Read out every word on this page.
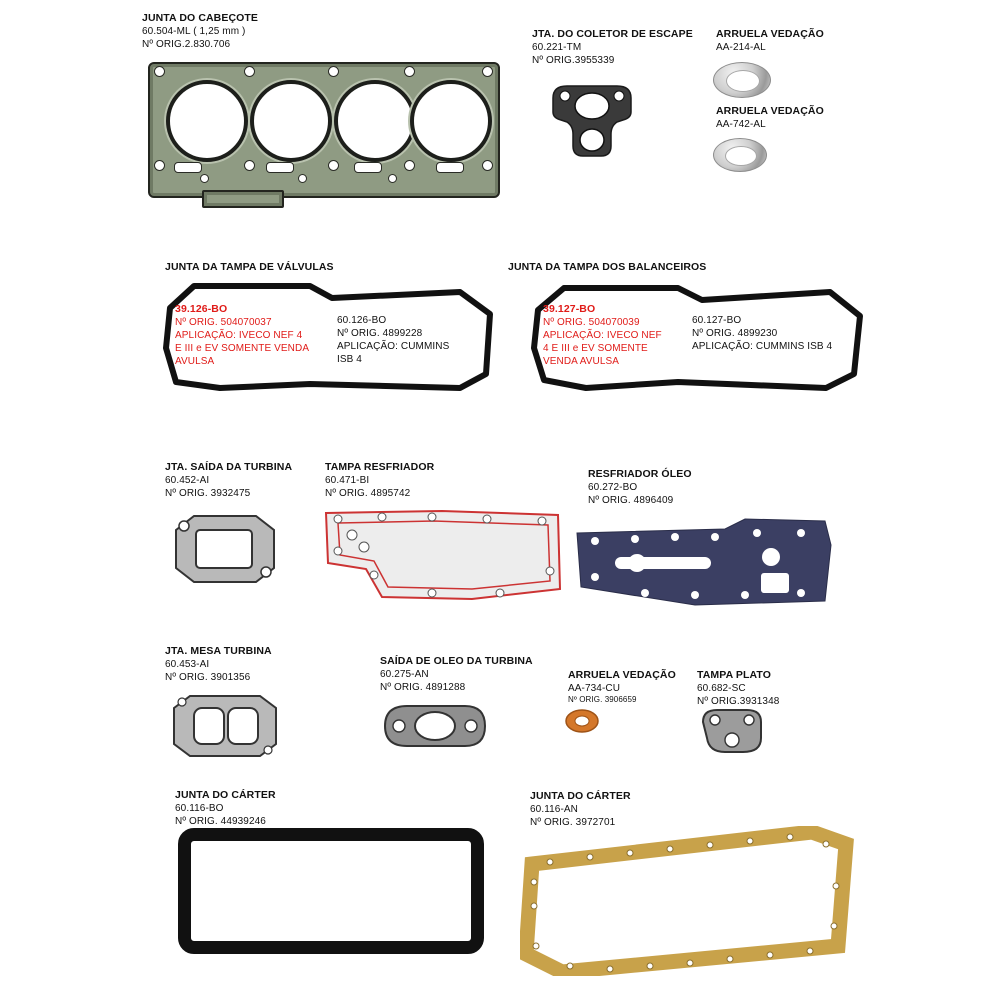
JUNTA DO CABEÇOTE
60.504-ML ( 1,25 mm )
Nº ORIG.2.830.706
JTA. DO COLETOR DE ESCAPE
60.221-TM
Nº ORIG.3955339
ARRUELA VEDAÇÃO
AA-214-AL
ARRUELA VEDAÇÃO
AA-742-AL
JUNTA DA TAMPA DE VÁLVULAS
39.126-BO
Nº ORIG. 504070037
APLICAÇÃO: IVECO NEF 4
E III e EV SOMENTE VENDA
AVULSA
60.126-BO
Nº ORIG. 4899228
APLICAÇÃO: CUMMINS
ISB 4
JUNTA DA TAMPA DOS BALANCEIROS
39.127-BO
Nº ORIG. 504070039
APLICAÇÃO: IVECO NEF
4 E III e EV SOMENTE
VENDA AVULSA
60.127-BO
Nº ORIG. 4899230
APLICAÇÃO: CUMMINS ISB 4
JTA. SAÍDA DA TURBINA
60.452-AI
Nº ORIG. 3932475
TAMPA RESFRIADOR
60.471-BI
Nº ORIG. 4895742
RESFRIADOR ÓLEO
60.272-BO
Nº ORIG. 4896409
JTA. MESA TURBINA
60.453-AI
Nº ORIG. 3901356
SAÍDA DE OLEO DA TURBINA
60.275-AN
Nº ORIG. 4891288
ARRUELA VEDAÇÃO
AA-734-CU
Nº ORIG. 3906659
TAMPA PLATO
60.682-SC
Nº ORIG.3931348
JUNTA DO CÁRTER
60.116-BO
Nº ORIG. 44939246
JUNTA DO CÁRTER
60.116-AN
Nº ORIG. 3972701
